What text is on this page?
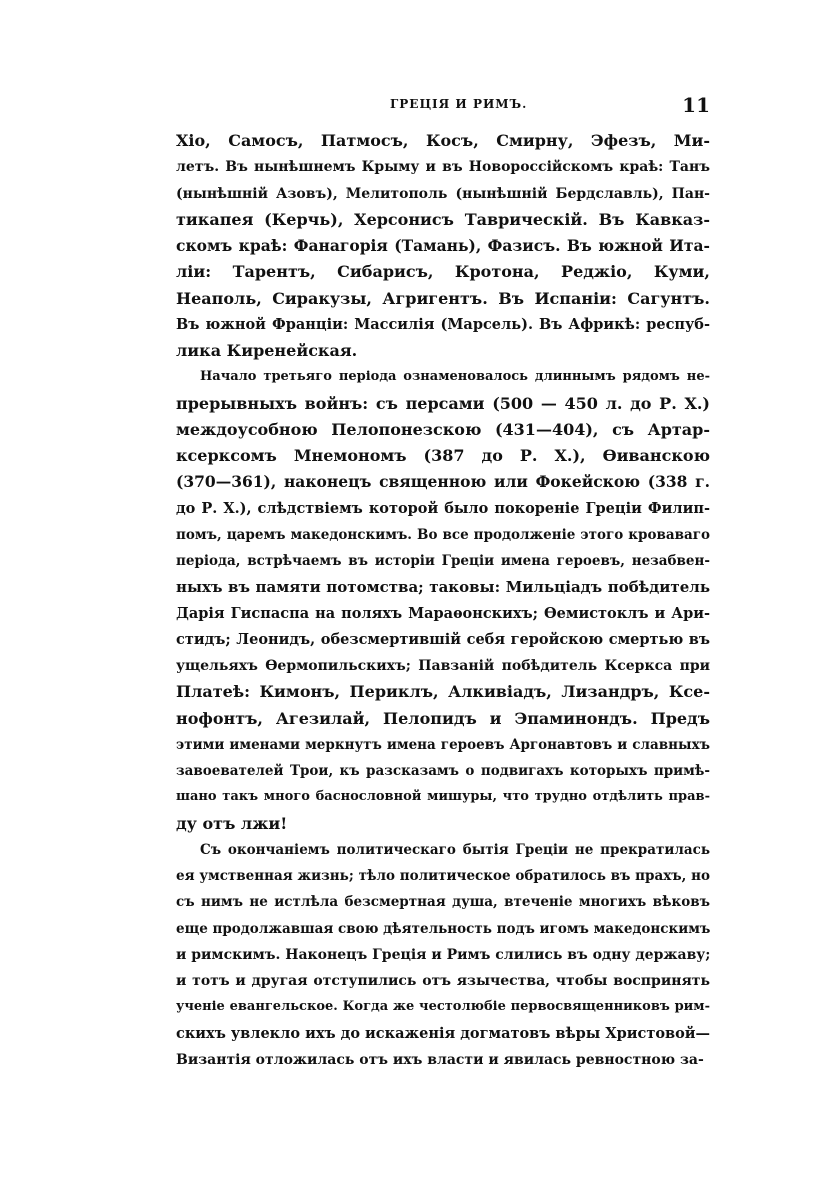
ГРЕЦІЯ И РИМЪ.	11
Хіо, Самосъ, Патмосъ, Косъ, Смирну, Эфезъ, Ми-
летъ. Въ нынѣшнемъ Крыму и въ Новороссійскомъ краѣ: Танъ
(нынѣшній Азовъ), Мелитополь (нынѣшній Бердславль), Пан-
тикапея (Керчь), Херсонисъ Таврическій. Въ Кавказ-
скомъ краѣ: Фанагорія (Тамань), Фазисъ. Въ южной Ита-
ліи: Тарентъ, Сибарисъ, Кротона, Реджіо, Куми,
Неаполь, Сиракузы, Агригентъ. Въ Испаніи: Сагунтъ.
Въ южной Франціи: Массилія (Марсель). Въ Африкѣ: респуб-
лика Киренейская.
Начало третьяго періода ознаменовалось длиннымъ рядомъ не-
прерывныхъ войнъ: съ персами (500 — 450 л. до Р. Х.)
междоусобною Пелопонезскою (431—404), съ Артар-
ксерксомъ Мнемономъ (387 до Р. Х.), Ѳиванскою
(370—361), наконецъ священною или Фокейскою (338 г.
до Р. Х.), слѣдствіемъ которой было покореніе Греціи Филип-
помъ, царемъ македонскимъ. Во все продолженіе этого кроваваго
періода, встрѣчаемъ въ исторіи Греціи имена героевъ, незабвен-
ныхъ въ памяти потомства; таковы: Мильціадъ побѣдитель
Дарія Гиспаспа на поляхъ Мараѳонскихъ; Ѳемистоклъ и Ари-
стидъ; Леонидъ, обезсмертившій себя геройскою смертью въ
ущельяхъ Ѳермопильскихъ; Павзаній побѣдитель Ксеркса при
Платеѣ: Кимонъ, Периклъ, Алкивіадъ, Лизандръ, Ксе-
нофонтъ, Агезилай, Пелопидъ и Эпаминондъ. Предъ
этими именами меркнутъ имена героевъ Аргонавтовъ и славныхъ
завоевателей Трои, къ разсказамъ о подвигахъ которыхъ примѣ-
шано такъ много баснословной мишуры, что трудно отдѣлить прав-
ду отъ лжи!
Съ окончаніемъ политическаго бытія Греціи не прекратилась
ея умственная жизнь; тѣло политическое обратилось въ прахъ, но
съ нимъ не истлѣла безсмертная душа, втеченіе многихъ вѣковъ
еще продолжавшая свою дѣятельность подъ игомъ македонскимъ
и римскимъ. Наконецъ Греція и Римъ слились въ одну державу;
и тотъ и другая отступились отъ язычества, чтобы воспринять
ученіе евангельское. Когда же честолюбіе первосвященниковъ рим-
скихъ увлекло ихъ до искаженія догматовъ вѣры Христовой—
Византія отложилась отъ ихъ власти и явилась ревностною за-
